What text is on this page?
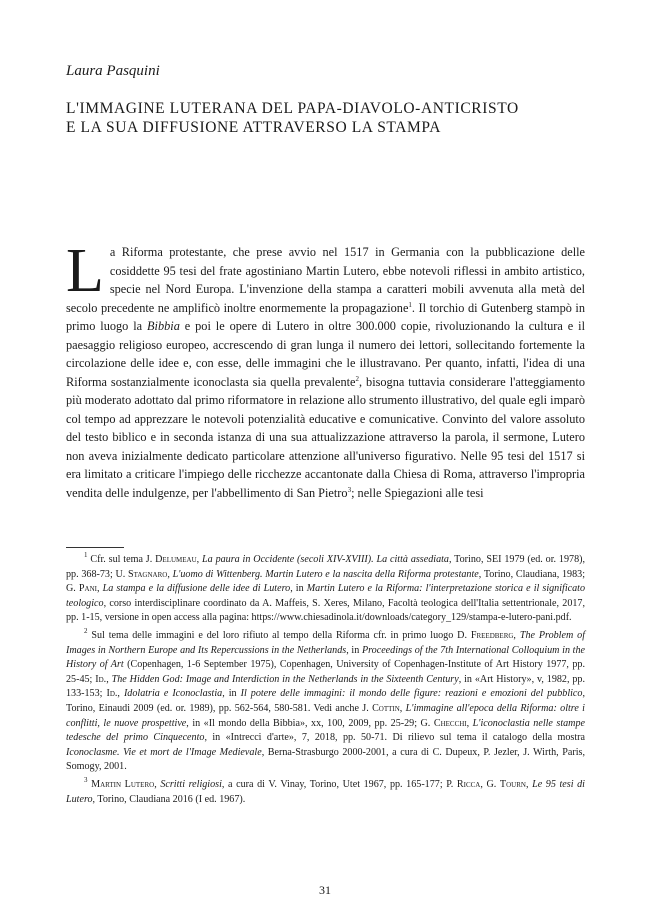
Laura Pasquini
L'IMMAGINE LUTERANA DEL PAPA-DIAVOLO-ANTICRISTO
E LA SUA DIFFUSIONE ATTRAVERSO LA STAMPA

La Riforma protestante, che prese avvio nel 1517 in Germania con la pubblicazione delle cosiddette 95 tesi del frate agostiniano Martin Lutero, ebbe notevoli riflessi in ambito artistico, specie nel Nord Europa. L'invenzione della stampa a caratteri mobili avvenuta alla metà del secolo precedente ne amplificò inoltre enormemente la propagazione$^1$. Il torchio di Gutenberg stampò in primo luogo la Bibbia e poi le opere di Lutero in oltre 300.000 copie, rivoluzionando la cultura e il paesaggio religioso europeo, accrescendo di gran lunga il numero dei lettori, sollecitando fortemente la circolazione delle idee e, con esse, delle immagini che le illustravano. Per quanto, infatti, l'idea di una Riforma sostanzialmente iconoclasta sia quella prevalente$^2$, bisogna tuttavia considerare l'atteggiamento più moderato adottato dal primo riformatore in relazione allo strumento illustrativo, del quale egli imparò col tempo ad apprezzare le notevoli potenzialità educative e comunicative. Convinto del valore assoluto del testo biblico e in seconda istanza di una sua attualizzazione attraverso la parola, il sermone, Lutero non aveva inizialmente dedicato particolare attenzione all'universo figurativo. Nelle 95 tesi del 1517 si era limitato a criticare l'impiego delle ricchezze accantonate dalla Chiesa di Roma, attraverso l'impropria vendita delle indulgenze, per l'abbellimento di San Pietro$^3$; nelle Spiegazioni alle tesi

$^1$ Cfr. sul tema J. Delumeau, La paura in Occidente (secoli XIV-XVIII). La città assediata, Torino, SEI 1979 (ed. or. 1978), pp. 368-73; U. Stagnaro, L'uomo di Wittenberg. Martin Lutero e la nascita della Riforma protestante, Torino, Claudiana, 1983; G. Pani, La stampa e la diffusione delle idee di Lutero, in Martin Lutero e la Riforma: l'interpretazione storica e il significato teologico, corso interdisciplinare coordinato da A. Maffeis, S. Xeres, Milano, Facoltà teologica dell'Italia settentrionale, 2017, pp. 1-15, versione in open access alla pagina: https://www.chiesadinola.it/downloads/category_129/stampa-e-lutero-pani.pdf.

$^2$ Sul tema delle immagini e del loro rifiuto al tempo della Riforma cfr. in primo luogo D. Freedberg, The Problem of Images in Northern Europe and Its Repercussions in the Netherlands, in Proceedings of the 7th International Colloquium in the History of Art (Copenhagen, 1-6 September 1975), Copenhagen, University of Copenhagen-Institute of Art History 1977, pp. 25-45; Id., The Hidden God: Image and Interdiction in the Netherlands in the Sixteenth Century, in «Art History», v, 1982, pp. 133-153; Id., Idolatria e Iconoclastia, in Il potere delle immagini: il mondo delle figure: reazioni e emozioni del pubblico, Torino, Einaudi 2009 (ed. or. 1989), pp. 562-564, 580-581. Vedi anche J. Cottin, L'immagine all'epoca della Riforma: oltre i conflitti, le nuove prospettive, in «Il mondo della Bibbia», xx, 100, 2009, pp. 25-29; G. Checchi, L'iconoclastia nelle stampe tedesche del primo Cinquecento, in «Intrecci d'arte», 7, 2018, pp. 50-71. Di rilievo sul tema il catalogo della mostra Iconoclasme. Vie et mort de l'Image Medievale, Berna-Strasburgo 2000-2001, a cura di C. Dupeux, P. Jezler, J. Wirth, Paris, Somogy, 2001.

$^3$ Martin Lutero, Scritti religiosi, a cura di V. Vinay, Torino, Utet 1967, pp. 165-177; P. Ricca, G. Tourn, Le 95 tesi di Lutero, Torino, Claudiana 2016 (I ed. 1967).

31
